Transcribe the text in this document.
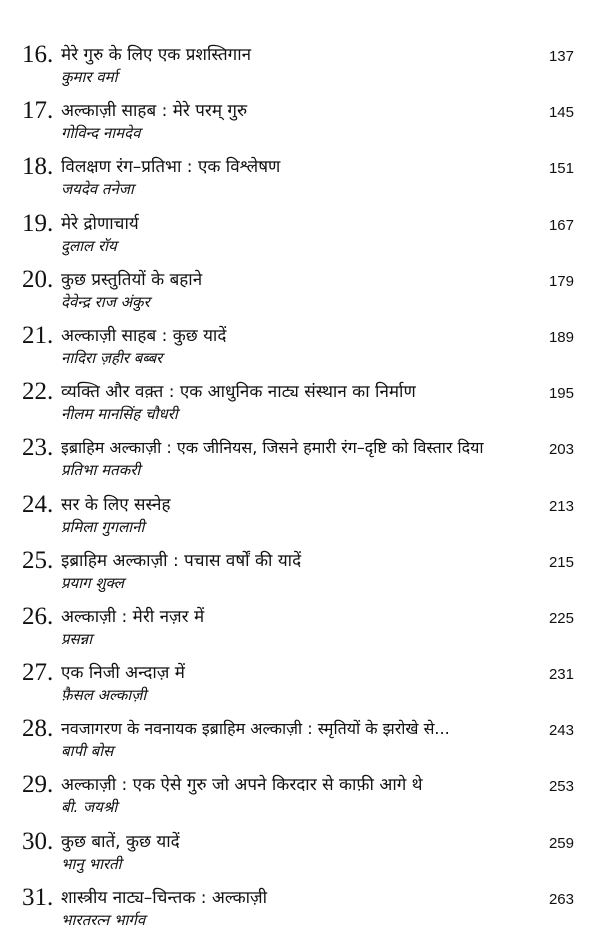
16. मेरे गुरु के लिए एक प्रशस्तिगान
कुमार वर्मा
137
17. अल्काज़ी साहब : मेरे परम् गुरु
गोविन्द नामदेव
145
18. विलक्षण रंग–प्रतिभा : एक विश्लेषण
जयदेव तनेजा
151
19. मेरे द्रोणाचार्य
दुलाल रॉय
167
20. कुछ प्रस्तुतियों के बहाने
देवेन्द्र राज अंकुर
179
21. अल्काज़ी साहब : कुछ यादें
नादिरा ज़हीर बब्बर
189
22. व्यक्ति और वक़्त : एक आधुनिक नाट्य संस्थान का निर्माण
नीलम मानसिंह चौधरी
195
23. इब्राहिम अल्काज़ी : एक जीनियस, जिसने हमारी रंग–दृष्टि को विस्तार दिया
प्रतिभा मतकरी
203
24. सर के लिए सस्नेह
प्रमिला गुगलानी
213
25. इब्राहिम अल्काज़ी : पचास वर्षों की यादें
प्रयाग शुक्ल
215
26. अल्काज़ी : मेरी नज़र में
प्रसन्ना
225
27. एक निजी अन्दाज़ में
फ़ैसल अल्काज़ी
231
28. नवजागरण के नवनायक इब्राहिम अल्काज़ी : स्मृतियों के झरोखे से...
बापी बोस
243
29. अल्काज़ी : एक ऐसे गुरु जो अपने किरदार से काफ़ी आगे थे
बी. जयश्री
253
30. कुछ बातें, कुछ यादें
भानु भारती
259
31. शास्त्रीय नाट्य–चिन्तक : अल्काज़ी
भारतरत्न भार्गव
263
